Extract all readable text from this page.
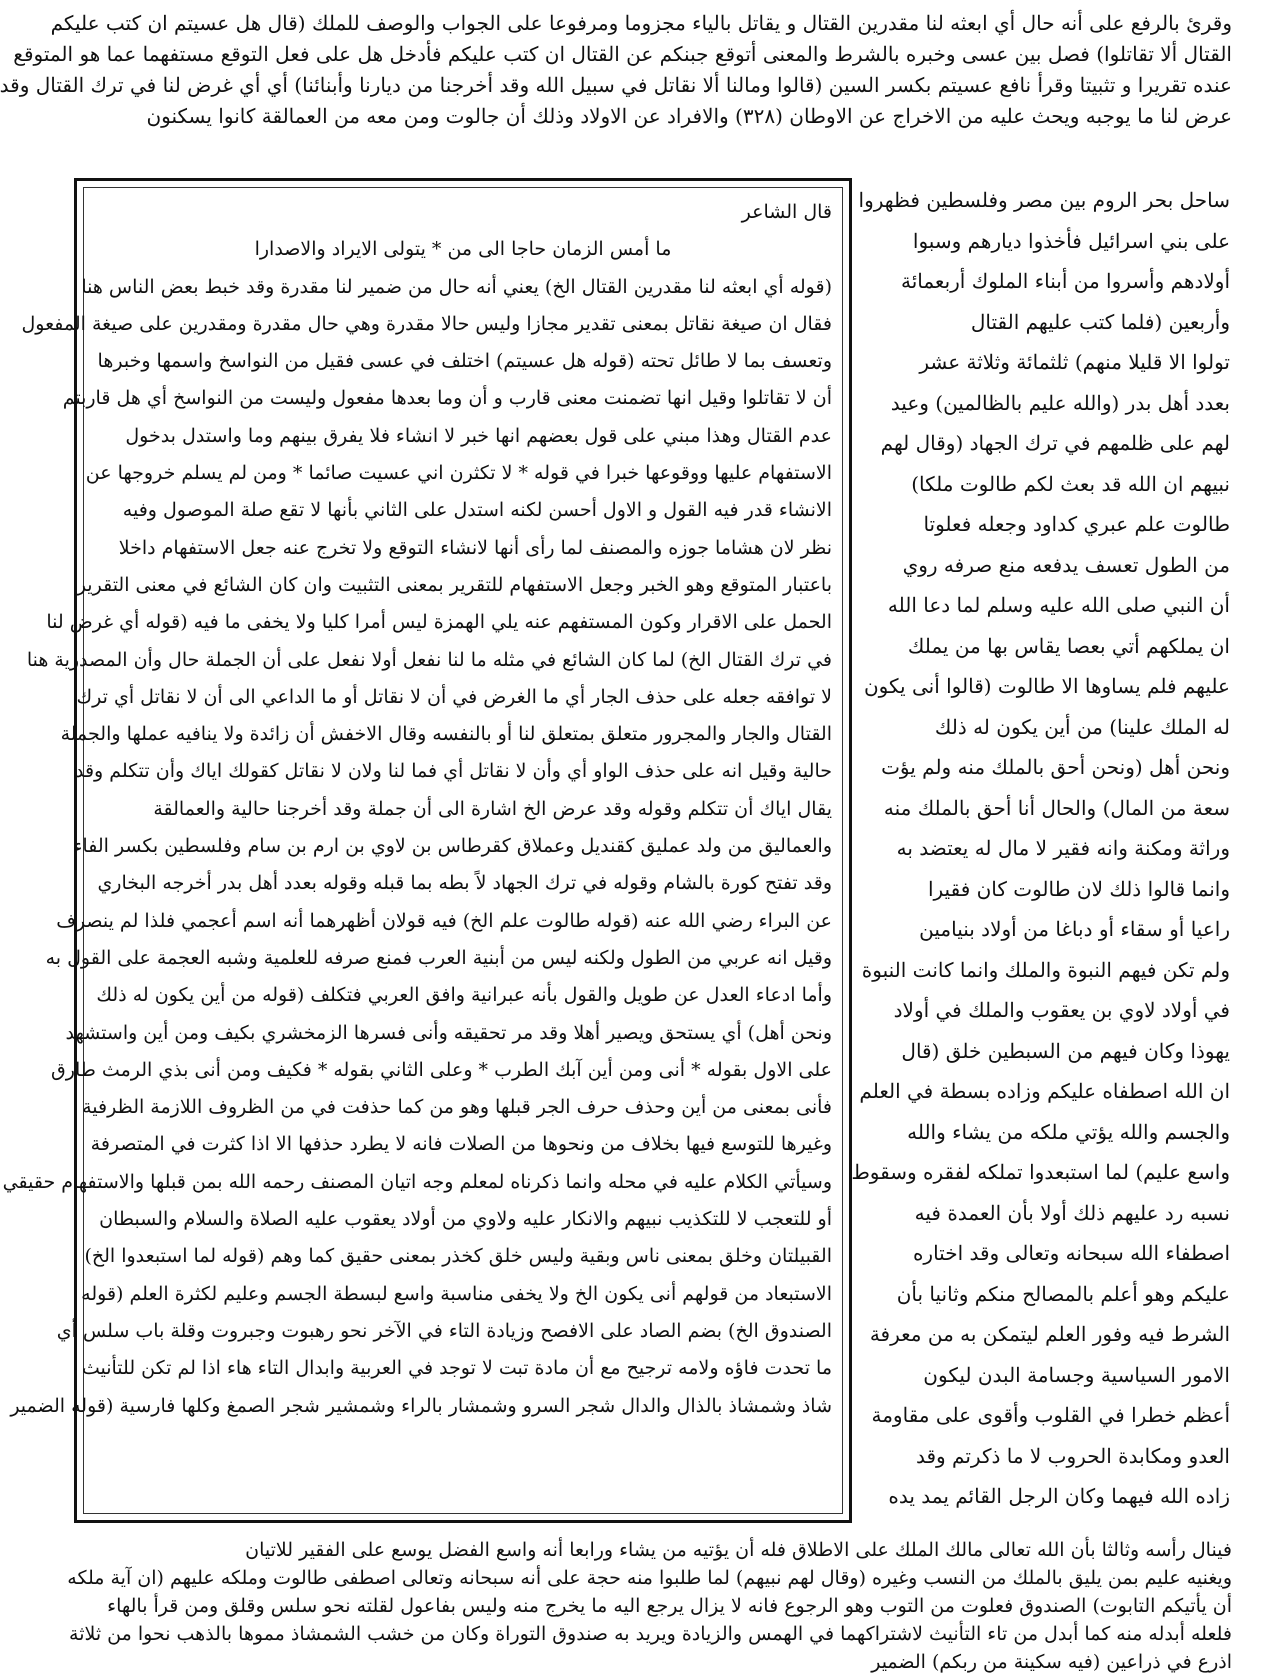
وقرئ بالرفع على أنه حال أي ابعثه لنا مقدرين القتال و يقاتل بالياء مجزوما ومرفوعا على الجواب والوصف للملك (قال هل عسيتم ان كتب عليكم
القتال ألا تقاتلوا) فصل بين عسى وخبره بالشرط والمعنى أتوقع جبنكم عن القتال ان كتب عليكم فأدخل هل على فعل التوقع مستفهما عما هو المتوقع
عنده تقريرا و تثبيتا وقرأ نافع عسيتم بكسر السين (قالوا ومالنا ألا نقاتل في سبيل الله وقد أخرجنا من ديارنا وأبنائنا) أي أي غرض لنا في ترك القتال وقد
عرض لنا ما يوجبه ويحث عليه من الاخراج عن الاوطان (٣٢٨) والافراد عن الاولاد وذلك أن جالوت ومن معه من العمالقة كانوا يسكنون
قال الشاعر
ما أمس الزمان حاجا الى من * يتولى الايراد والاصدارا
(قوله أي ابعثه لنا مقدرين القتال الخ) يعني أنه حال من ضمير لنا مقدرة وقد خبط بعض الناس هنا
فقال ان صيغة نقاتل بمعنى تقدير مجازا وليس حالا مقدرة وهي حال مقدرة ومقدرين على صيغة المفعول
وتعسف بما لا طائل تحته (قوله هل عسيتم) اختلف في عسى فقيل من النواسخ واسمها وخبرها
أن لا تقاتلوا وقيل انها تضمنت معنى قارب و أن وما بعدها مفعول وليست من النواسخ أي هل قاربتم
عدم القتال وهذا مبني على قول بعضهم انها خبر لا انشاء فلا يفرق بينهم وما واستدل بدخول
الاستفهام عليها ووقوعها خبرا في قوله * لا تكثرن اني عسيت صائما * ومن لم يسلم خروجها عن
الانشاء قدر فيه القول و الاول أحسن لكنه استدل على الثاني بأنها لا تقع صلة الموصول وفيه
نظر لان هشاما جوزه والمصنف لما رأى أنها لانشاء التوقع ولا تخرج عنه جعل الاستفهام داخلا
باعتبار المتوقع وهو الخبر وجعل الاستفهام للتقرير بمعنى التثبيت وان كان الشائع في معنى التقرير
الحمل على الاقرار وكون المستفهم عنه يلي الهمزة ليس أمرا كليا ولا يخفى ما فيه (قوله أي غرض لنا
في ترك القتال الخ) لما كان الشائع في مثله ما لنا نفعل أولا نفعل على أن الجملة حال وأن المصدرية هنا
لا توافقه جعله على حذف الجار أي ما الغرض في أن لا نقاتل أو ما الداعي الى أن لا نقاتل أي ترك
القتال والجار والمجرور متعلق بمتعلق لنا أو بالنفسه وقال الاخفش أن زائدة ولا ينافيه عملها والجملة
حالية وقيل انه على حذف الواو أي وأن لا نقاتل أي فما لنا ولان لا نقاتل كقولك اياك وأن تتكلم وقد
يقال اياك أن تتكلم وقوله وقد عرض الخ اشارة الى أن جملة وقد أخرجنا حالية والعمالقة
والعماليق من ولد عمليق كقنديل وعملاق كقرطاس بن لاوي بن ارم بن سام وفلسطين بكسر الفاء
وقد تفتح كورة بالشام وقوله في ترك الجهاد لاً بطه بما قبله وقوله بعدد أهل بدر أخرجه البخاري
عن البراء رضي الله عنه (قوله طالوت علم الخ) فيه قولان أظهرهما أنه اسم أعجمي فلذا لم ينصرف
وقيل انه عربي من الطول ولكنه ليس من أبنية العرب فمنع صرفه للعلمية وشبه العجمة على القول به
وأما ادعاء العدل عن طويل والقول بأنه عبرانية وافق العربي فتكلف (قوله من أين يكون له ذلك
ونحن أهل) أي يستحق ويصير أهلا وقد مر تحقيقه وأنى فسرها الزمخشري بكيف ومن أين واستشهد
على الاول بقوله * أنى ومن أين آبك الطرب * وعلى الثاني بقوله * فكيف ومن أنى بذي الرمث طارق
فأنى بمعنى من أين وحذف حرف الجر قبلها وهو من كما حذفت في من الظروف اللازمة الظرفية
وغيرها للتوسع فيها بخلاف من ونحوها من الصلات فانه لا يطرد حذفها الا اذا كثرت في المتصرفة
وسيأتي الكلام عليه في محله وانما ذكرناه لمعلم وجه اتيان المصنف رحمه الله بمن قبلها والاستفهام حقيقي
أو للتعجب لا للتكذيب نبيهم والانكار عليه ولاوي من أولاد يعقوب عليه الصلاة والسلام والسبطان
القبيلتان وخلق بمعنى ناس وبقية وليس خلق كخذر بمعنى حقيق كما وهم (قوله لما استبعدوا الخ)
الاستبعاد من قولهم أنى يكون الخ ولا يخفى مناسبة واسع لبسطة الجسم وعليم لكثرة العلم (قوله
الصندوق الخ) بضم الصاد على الافصح وزيادة التاء في الآخر نحو رهبوت وجبروت وقلة باب سلس أي
ما تحدت فاؤه ولامه ترجيح مع أن مادة تبت لا توجد في العربية وابدال التاء هاء اذا لم تكن للتأنيث
شاذ وشمشاذ بالذال والدال شجر السرو وشمشار بالراء وشمشير شجر الصمغ وكلها فارسية (قوله الضمير
ساحل بحر الروم بين مصر وفلسطين فظهروا
على بني اسرائيل فأخذوا ديارهم وسبوا
أولادهم وأسروا من أبناء الملوك أربعمائة
وأربعين (فلما كتب عليهم القتال
تولوا الا قليلا منهم) ثلثمائة وثلاثة عشر
بعدد أهل بدر (والله عليم بالظالمين) وعيد
لهم على ظلمهم في ترك الجهاد (وقال لهم
نبيهم ان الله قد بعث لكم طالوت ملكا)
طالوت علم عبري كداود وجعله فعلوتا
من الطول تعسف يدفعه منع صرفه روي
أن النبي صلى الله عليه وسلم لما دعا الله
ان يملكهم أتي بعصا يقاس بها من يملك
عليهم فلم يساوها الا طالوت (قالوا أنى يكون
له الملك علينا) من أين يكون له ذلك
ونحن أهل (ونحن أحق بالملك منه ولم يؤت
سعة من المال) والحال أنا أحق بالملك منه
وراثة ومكنة وانه فقير لا مال له يعتضد به
وانما قالوا ذلك لان طالوت كان فقيرا
راعيا أو سقاء أو دباغا من أولاد بنيامين
ولم تكن فيهم النبوة والملك وانما كانت النبوة
في أولاد لاوي بن يعقوب والملك في أولاد
يهوذا وكان فيهم من السبطين خلق (قال
ان الله اصطفاه عليكم وزاده بسطة في العلم
والجسم والله يؤتي ملكه من يشاء والله
واسع عليم) لما استبعدوا تملكه لفقره وسقوط
نسبه رد عليهم ذلك أولا بأن العمدة فيه
اصطفاء الله سبحانه وتعالى وقد اختاره
عليكم وهو أعلم بالمصالح منكم وثانيا بأن
الشرط فيه وفور العلم ليتمكن به من معرفة
الامور السياسية وجسامة البدن ليكون
أعظم خطرا في القلوب وأقوى على مقاومة
العدو ومكابدة الحروب لا ما ذكرتم وقد
زاده الله فيهما وكان الرجل القائم يمد يده
فينال رأسه وثالثا بأن الله تعالى مالك الملك على الاطلاق فله أن يؤتيه من يشاء ورابعا أنه واسع الفضل يوسع على الفقير للاتيان
ويغنيه عليم بمن يليق بالملك من النسب وغيره (وقال لهم نبيهم) لما طلبوا منه حجة على أنه سبحانه وتعالى اصطفى طالوت وملكه عليهم (ان آية ملكه
أن يأتيكم التابوت) الصندوق فعلوت من التوب وهو الرجوع فانه لا يزال يرجع اليه ما يخرج منه وليس بفاعول لقلته نحو سلس وقلق ومن قرأ بالهاء
فلعله أبدله منه كما أبدل من تاء التأنيث لاشتراكهما في الهمس والزيادة ويريد به صندوق التوراة وكان من خشب الشمشاذ مموها بالذهب نحوا من ثلاثة
اذرع في ذراعين (فيه سكينة من ربكم) الضمير
